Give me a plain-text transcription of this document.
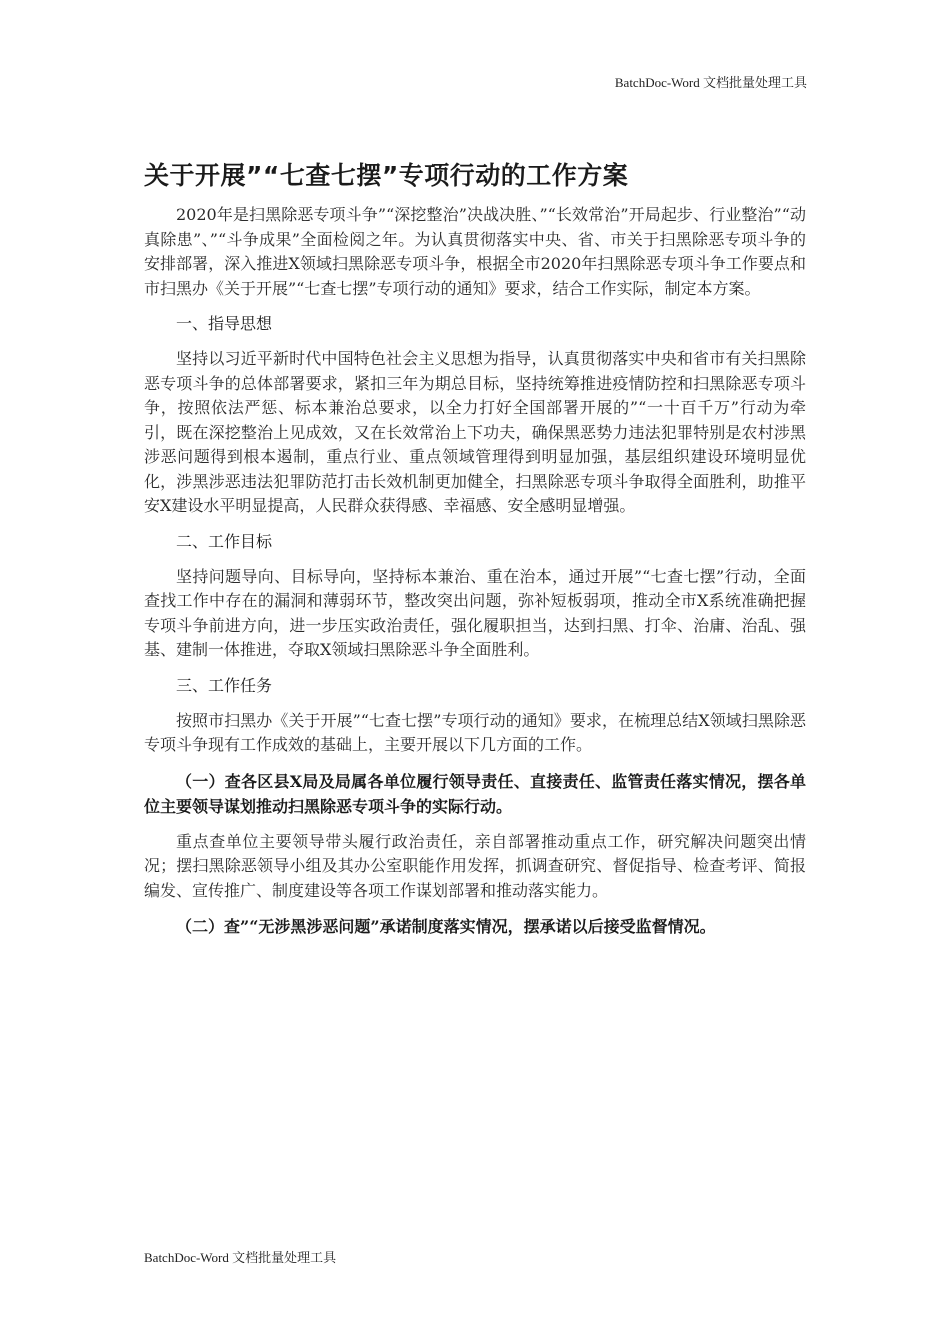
BatchDoc-Word 文档批量处理工具
关于开展”“七查七摆”专项行动的工作方案

2020年是扫黑除恶专项斗争”“深挖整治”决战决胜、”“长效常治”开局起步、行业整治”“动真除患”、”“斗争成果”全面检阅之年。为认真贯彻落实中央、省、市关于扫黑除恶专项斗争的安排部署，深入推进X领域扫黑除恶专项斗争，根据全市2020年扫黑除恶专项斗争工作要点和市扫黑办《关于开展”“七查七摆”专项行动的通知》要求，结合工作实际，制定本方案。

一、指导思想

坚持以习近平新时代中国特色社会主义思想为指导，认真贯彻落实中央和省市有关扫黑除恶专项斗争的总体部署要求，紧扣三年为期总目标，坚持统筹推进疫情防控和扫黑除恶专项斗争，按照依法严惩、标本兼治总要求，以全力打好全国部署开展的”“一十百千万”行动为牵引，既在深挖整治上见成效，又在长效常治上下功夫，确保黑恶势力违法犯罪特别是农村涉黑涉恶问题得到根本遏制，重点行业、重点领域管理得到明显加强，基层组织建设环境明显优化，涉黑涉恶违法犯罪防范打击长效机制更加健全，扫黑除恶专项斗争取得全面胜利，助推平安X建设水平明显提高，人民群众获得感、幸福感、安全感明显增强。

二、工作目标

坚持问题导向、目标导向，坚持标本兼治、重在治本，通过开展”“七查七摆”行动，全面查找工作中存在的漏洞和薄弱环节，整改突出问题，弥补短板弱项，推动全市X系统准确把握专项斗争前进方向，进一步压实政治责任，强化履职担当，达到扫黑、打伞、治庸、治乱、强基、建制一体推进，夺取X领域扫黑除恶斗争全面胜利。

三、工作任务

按照市扫黑办《关于开展”“七查七摆”专项行动的通知》要求，在梳理总结X领域扫黑除恶专项斗争现有工作成效的基础上，主要开展以下几方面的工作。

（一）查各区县X局及局属各单位履行领导责任、直接责任、监管责任落实情况，摆各单位主要领导谋划推动扫黑除恶专项斗争的实际行动。

重点查单位主要领导带头履行政治责任，亲自部署推动重点工作，研究解决问题突出情况；摆扫黑除恶领导小组及其办公室职能作用发挥，抓调查研究、督促指导、检查考评、简报编发、宣传推广、制度建设等各项工作谋划部署和推动落实能力。

（二）查”“无涉黑涉恶问题”承诺制度落实情况，摆承诺以后接受监督情况。

BatchDoc-Word 文档批量处理工具
